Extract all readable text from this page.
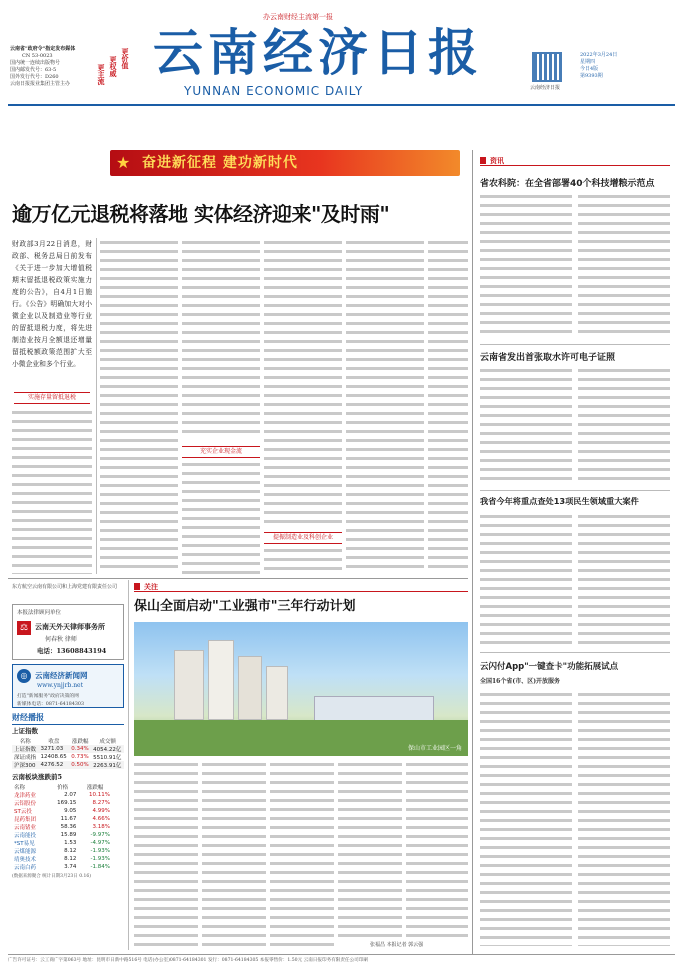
办云南财经主流第一报
云南省"政府令"指定发布媒体
CN 53-0023
国内统一连续出版物号
国内邮发代号：63-5
国外发行代号：D260
云南日报报业集团主管主办
更价值
更权威
更主流 云南经济日报
YUNNAN ECONOMIC DAILY	云南经济日报
2022年3月24日
星期四
今日4版
第9393期
★ 奋进新征程 建功新时代
逾万亿元退税将落地 实体经济迎来"及时雨"
财政部3月22日消息，财政部、税务总局日前发布《关于进一步加大增值税期末留抵退税政策实施力度的公告》，自4月1日施行。《公告》明确加大对小微企业以及制造业等行业的留抵退税力度，将先进制造业按月全额退还增量留抵税额政策范围扩大至小微企业和多个行业。
实施存量留抵退税
充实企业现金流
提振制造业及科创企业
东方航空云南有限公司和上海党建有限责任公司
本报法律顾问单位
⚖ 云南天外天律师事务所
何春秋 律师
电话：13608843194
◎	云南经济新闻网
www.ynjjrb.net
打造"新闻服务"政府决策的网
新媒体电话：0871-64184303
财经播报
上证指数
名称	收盘	涨跌幅	成交额
上证指数	3271.03	0.34%	4054.22亿
深证成指	12408.65	0.73%	5510.91亿
沪深300	4276.52	0.50%	2263.91亿
云南板块涨跌前5
名称	价格	涨跌幅
龙津药业	2.07	10.11%
云铝股份	169.15	8.27%
ST云投	9.05	4.99%
昆药集团	11.67	4.66%
云南锗业	58.36	3.18%
云南能投	15.89	-9.97%
*ST易见	1.53	-4.97%
云煤能源	8.12	-1.93%
靖奥技术	8.12	-1.93%
云南白药	3.74	-1.84%
(数据来源聚合 统计日期3月23日 0.16)
关注
保山全面启动"工业强市"三年行动计划
保山市工业园区一角
张福昌 本报记者 郭云强
资讯
省农科院：在全省部署40个科技增粮示范点
云南省发出首张取水许可电子证照
我省今年将重点查处13项民生领域重大案件
云闪付App"一键查卡"功能拓展试点
全国16个省(市、区)开放服务
广告许可证号：云工商广字第063号 地址：昆明市日新中路516号 电话(办公室)0871-64184301 发行：0871-64184305 本报零售价：1.50元 云南日报印务有限责任公司印刷
